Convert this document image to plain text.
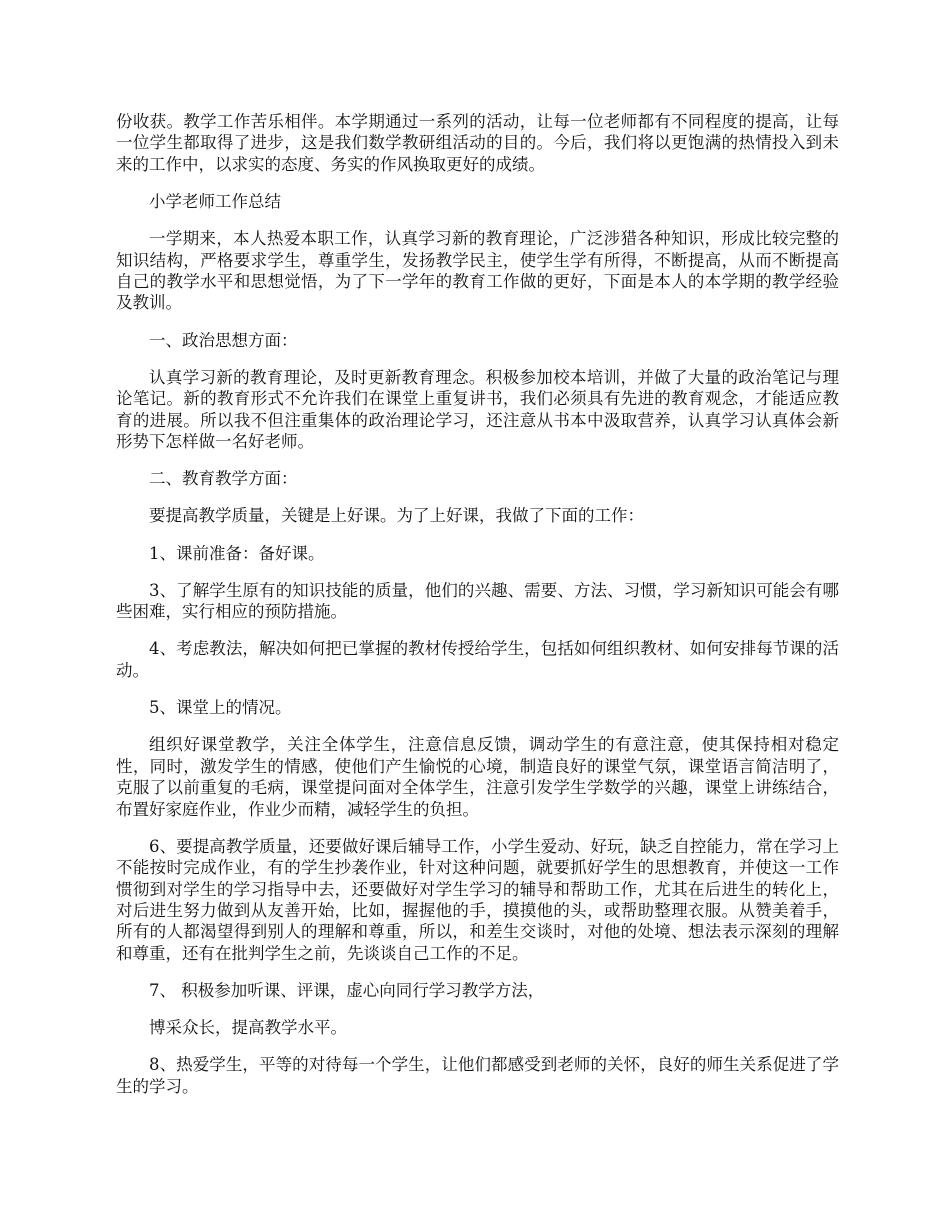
份收获。教学工作苦乐相伴。本学期通过一系列的活动，让每一位老师都有不同程度的提高，让每一位学生都取得了进步，这是我们数学教研组活动的目的。今后，我们将以更饱满的热情投入到未来的工作中，以求实的态度、务实的作风换取更好的成绩。

小学老师工作总结

一学期来，本人热爱本职工作，认真学习新的教育理论，广泛涉猎各种知识，形成比较完整的知识结构，严格要求学生，尊重学生，发扬教学民主，使学生学有所得，不断提高，从而不断提高自己的教学水平和思想觉悟，为了下一学年的教育工作做的更好，下面是本人的本学期的教学经验及教训。

一、政治思想方面：

认真学习新的教育理论，及时更新教育理念。积极参加校本培训，并做了大量的政治笔记与理论笔记。新的教育形式不允许我们在课堂上重复讲书，我们必须具有先进的教育观念，才能适应教育的进展。所以我不但注重集体的政治理论学习，还注意从书本中汲取营养，认真学习认真体会新形势下怎样做一名好老师。

二、教育教学方面：

要提高教学质量，关键是上好课。为了上好课，我做了下面的工作：

1、课前准备：备好课。

3、了解学生原有的知识技能的质量，他们的兴趣、需要、方法、习惯，学习新知识可能会有哪些困难，实行相应的预防措施。

4、考虑教法，解决如何把已掌握的教材传授给学生，包括如何组织教材、如何安排每节课的活动。

5、课堂上的情况。

组织好课堂教学，关注全体学生，注意信息反馈，调动学生的有意注意，使其保持相对稳定性，同时，激发学生的情感，使他们产生愉悦的心境，制造良好的课堂气氛，课堂语言简洁明了，克服了以前重复的毛病，课堂提问面对全体学生，注意引发学生学数学的兴趣，课堂上讲练结合，布置好家庭作业，作业少而精，减轻学生的负担。

6、要提高教学质量，还要做好课后辅导工作，小学生爱动、好玩，缺乏自控能力，常在学习上不能按时完成作业，有的学生抄袭作业，针对这种问题，就要抓好学生的思想教育，并使这一工作惯彻到对学生的学习指导中去，还要做好对学生学习的辅导和帮助工作，尤其在后进生的转化上，对后进生努力做到从友善开始，比如，握握他的手，摸摸他的头，或帮助整理衣服。从赞美着手，所有的人都渴望得到别人的理解和尊重，所以，和差生交谈时，对他的处境、想法表示深刻的理解和尊重，还有在批判学生之前，先谈谈自己工作的不足。

7、 积极参加听课、评课，虚心向同行学习教学方法，

博采众长，提高教学水平。

8、热爱学生，平等的对待每一个学生，让他们都感受到老师的关怀，良好的师生关系促进了学生的学习。
